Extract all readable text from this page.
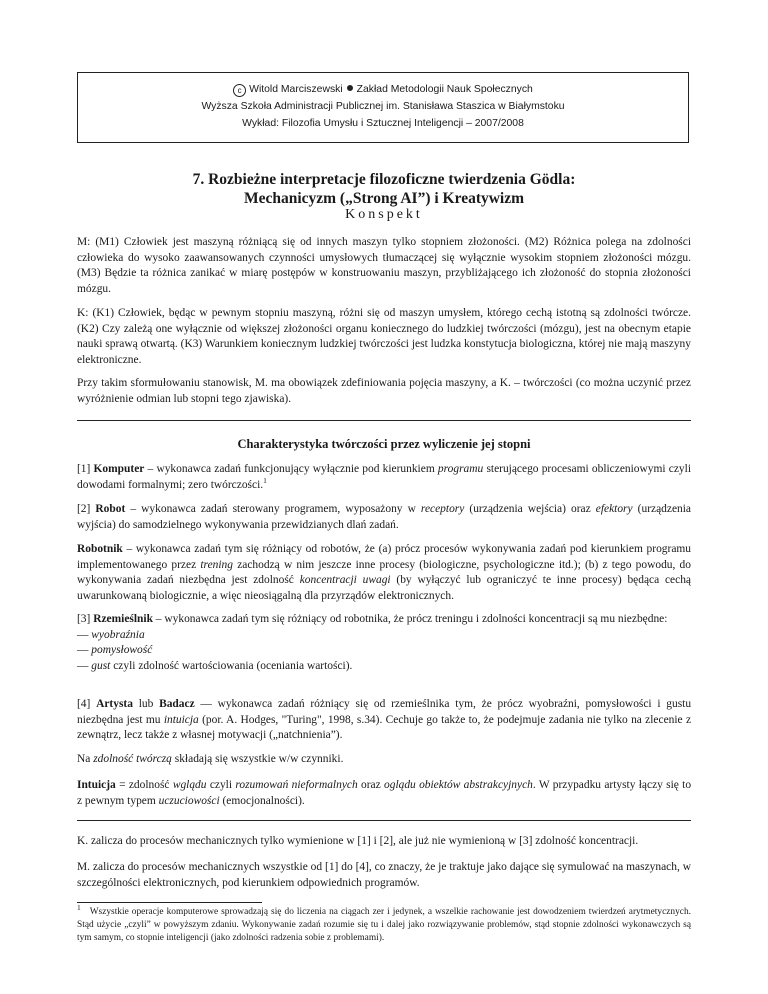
c Witold Marciszewski Zakład Metodologii Nauk Społecznych
Wyższa Szkoła Administracji Publicznej im. Stanisława Staszica w Białymstoku
Wykład: Filozofia Umysłu i Sztucznej Inteligencji – 2007/2008
7. Rozbieżne interpretacje filozoficzne twierdzenia Gödla:
Mechanicyzm („Strong AI”) i Kreatywizm
Konspekt

M: (M1) Człowiek jest maszyną różniącą się od innych maszyn tylko stopniem złożoności. (M2) Różnica polega na zdolności człowieka do wysoko zaawansowanych czynności umysłowych tłumaczącej się wyłącznie wysokim stopniem złożoności mózgu. (M3) Będzie ta różnica zanikać w miarę postępów w konstruowaniu maszyn, przybliżającego ich złożoność do stopnia złożoności mózgu.

K: (K1) Człowiek, będąc w pewnym stopniu maszyną, różni się od maszyn umysłem, którego cechą istotną są zdolności twórcze. (K2) Czy zależą one wyłącznie od większej złożoności organu koniecznego do ludzkiej twórczości (mózgu), jest na obecnym etapie nauki sprawą otwartą. (K3) Warunkiem koniecznym ludzkiej twórczości jest ludzka konstytucja biologiczna, której nie mają maszyny elektroniczne.

Przy takim sformułowaniu stanowisk, M. ma obowiązek zdefiniowania pojęcia maszyny, a K. – twórczości (co można uczynić przez wyróżnienie odmian lub stopni tego zjawiska).

Charakterystyka twórczości przez wyliczenie jej stopni

[1] Komputer – wykonawca zadań funkcjonujący wyłącznie pod kierunkiem programu sterującego procesami obliczeniowymi czyli dowodami formalnymi; zero twórczości.$^1$

[2] Robot – wykonawca zadań sterowany programem, wyposażony w receptory (urządzenia wejścia) oraz efektory (urządzenia wyjścia) do samodzielnego wykonywania przewidzianych dlań zadań.

Robotnik – wykonawca zadań tym się różniący od robotów, że (a) prócz procesów wykonywania zadań pod kierunkiem programu implementowanego przez trening zachodzą w nim jeszcze inne procesy (biologiczne, psychologiczne itd.); (b) z tego powodu, do wykonywania zadań niezbędna jest zdolność koncentracji uwagi (by wyłączyć lub ograniczyć te inne procesy) będąca cechą uwarunkowaną biologicznie, a więc nieosiągalną dla przyrządów elektronicznych.

[3] Rzemieślnik – wykonawca zadań tym się różniący od robotnika, że prócz treningu i zdolności koncentracji są mu niezbędne:

— wyobraźnia

— pomysłowość

— gust czyli zdolność wartościowania (oceniania wartości).

[4] Artysta lub Badacz — wykonawca zadań różniący się od rzemieślnika tym, że prócz wyobraźni, pomysłowości i gustu niezbędna jest mu intuicja (por. A. Hodges, "Turing", 1998, s.34). Cechuje go także to, że podejmuje zadania nie tylko na zlecenie z zewnątrz, lecz także z własnej motywacji („natchnienia”).

Na zdolność twórczą składają się wszystkie w/w czynniki.

Intuicja = zdolność wglądu czyli rozumowań nieformalnych oraz oglądu obiektów abstrakcyjnych. W przypadku artysty łączy się to z pewnym typem uczuciowości (emocjonalności).

K. zalicza do procesów mechanicznych tylko wymienione w [1] i [2], ale już nie wymienioną w [3] zdolność koncentracji.

M. zalicza do procesów mechanicznych wszystkie od [1] do [4], co znaczy, że je traktuje jako dające się symulować na maszynach, w szczególności elektronicznych, pod kierunkiem odpowiednich programów.

$^1$ Wszystkie operacje komputerowe sprowadzają się do liczenia na ciągach zer i jedynek, a wszelkie rachowanie jest dowodzeniem twierdzeń arytmetycznych. Stąd użycie „czyli” w powyższym zdaniu. Wykonywanie zadań rozumie się tu i dalej jako rozwiązywanie problemów, stąd stopnie zdolności wykonawczych są tym samym, co stopnie inteligencji (jako zdolności radzenia sobie z problemami).
